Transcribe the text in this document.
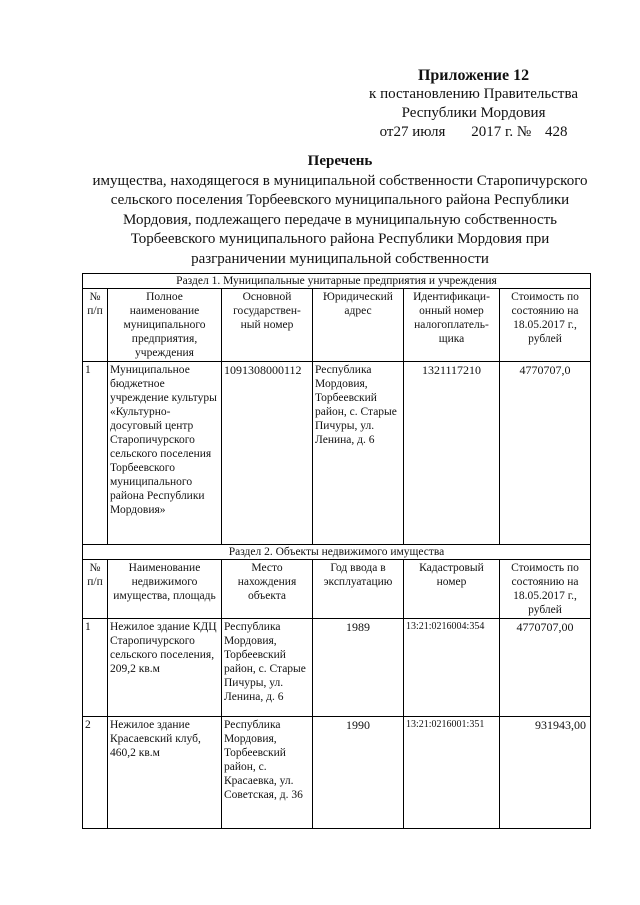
Приложение 12
к постановлению Правительства
Республики Мордовия
от27 июля 2017 г. № 428
Перечень
имущества, находящегося в муниципальной собственности Старопичурского
сельского поселения Торбеевского муниципального района Республики
Мордовия, подлежащего передаче в муниципальную собственность
Торбеевского муниципального района Республики Мордовия при
разграничении муниципальной собственности
Раздел 1. Муниципальные унитарные предприятия и учреждения					
№ п/п	Полное наименование муниципального предприятия, учреждения	Основной государствен-ный номер	Юридический адрес	Идентификаци-онный номер налогоплатель-щика	Стоимость по состоянию на 18.05.2017 г., рублей
1	Муниципальное бюджетное учреждение культуры «Культурно-досуговый центр Старопичурского сельского поселения Торбеевского муниципального района Республики Мордовия»	1091308000112	Республика Мордовия, Торбеевский район, с. Старые Пичуры, ул. Ленина, д. 6	1321117210	4770707,0
Раздел 2. Объекты недвижимого имущества					
№ п/п	Наименование недвижимого имущества, площадь	Место нахождения объекта	Год ввода в эксплуатацию	Кадастровый номер	Стоимость по состоянию на 18.05.2017 г., рублей
1	Нежилое здание КДЦ Старопичурского сельского поселения, 209,2 кв.м	Республика Мордовия, Торбеевский район, с. Старые Пичуры, ул. Ленина, д. 6	1989	13:21:0216004:354	4770707,00
2	Нежилое здание Красаевский клуб, 460,2 кв.м	Республика Мордовия, Торбеевский район, с. Красаевка, ул. Советская, д. 36	1990	13:21:0216001:351	931943,00
